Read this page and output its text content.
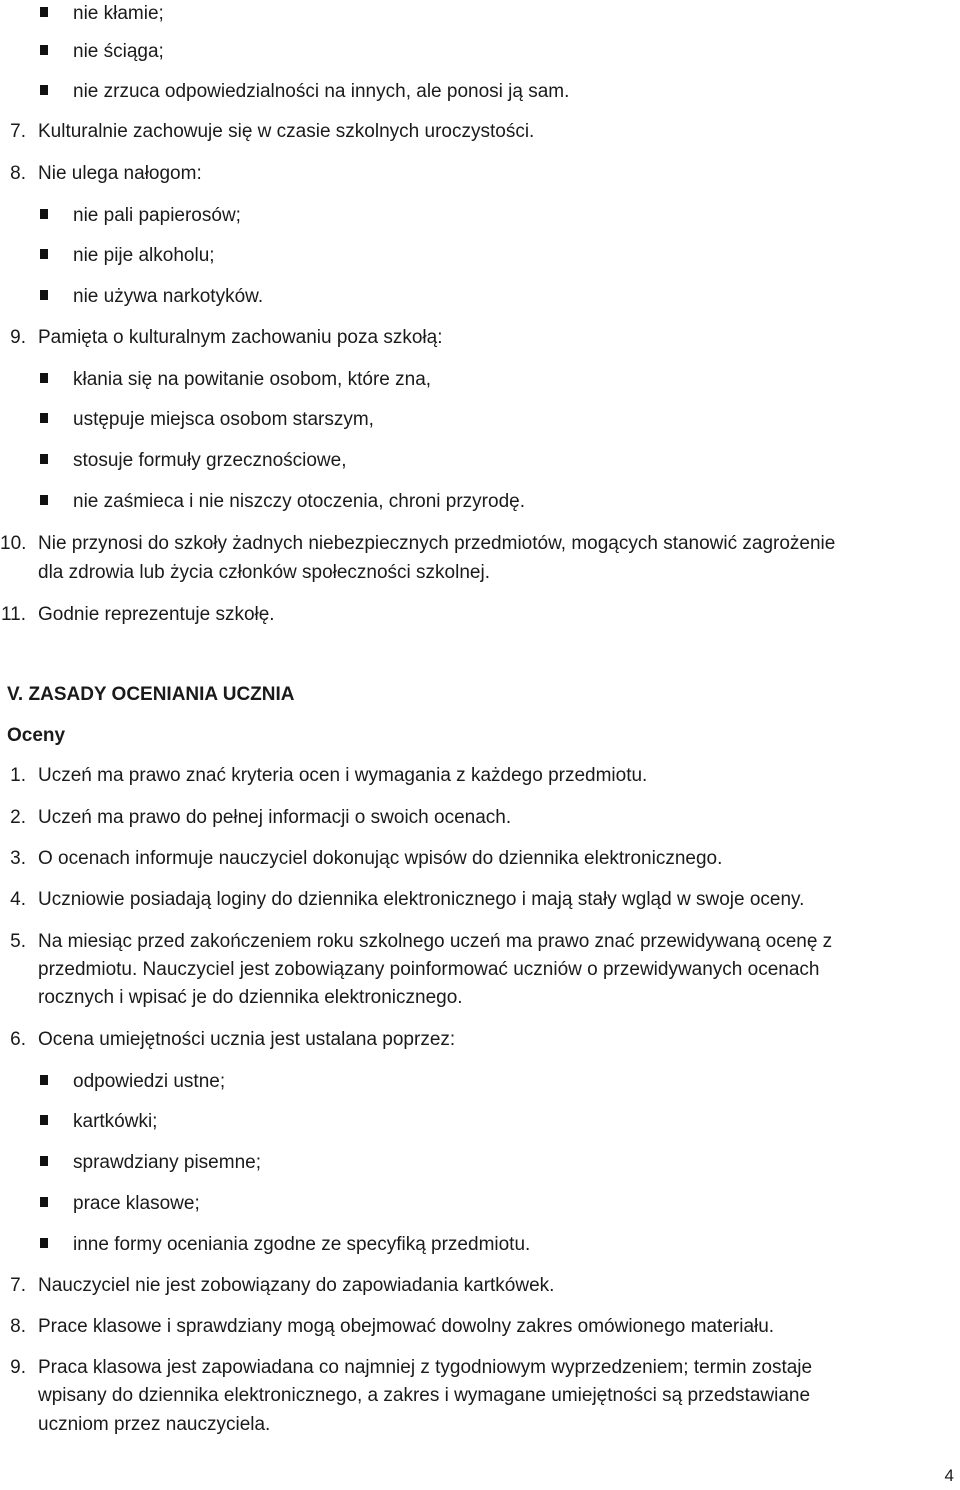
nie kłamie;
nie ściąga;
nie zrzuca odpowiedzialności na innych, ale ponosi ją sam.
7. Kulturalnie zachowuje się w czasie szkolnych uroczystości.
8. Nie ulega nałogom:
nie pali papierosów;
nie pije alkoholu;
nie używa narkotyków.
9. Pamięta o kulturalnym zachowaniu poza szkołą:
kłania się na powitanie osobom, które zna,
ustępuje miejsca osobom starszym,
stosuje formuły grzecznościowe,
nie zaśmieca i nie niszczy otoczenia, chroni przyrodę.
10. Nie przynosi do szkoły żadnych niebezpiecznych przedmiotów, mogących stanowić zagrożenie
dla zdrowia lub życia członków społeczności szkolnej.
11. Godnie reprezentuje szkołę.
V. ZASADY OCENIANIA UCZNIA
Oceny
1. Uczeń ma prawo znać kryteria ocen i wymagania z każdego przedmiotu.
2. Uczeń ma prawo do pełnej informacji o swoich ocenach.
3. O ocenach informuje nauczyciel dokonując wpisów do dziennika elektronicznego.
4. Uczniowie posiadają loginy do dziennika elektronicznego i mają stały wgląd w swoje oceny.
5. Na miesiąc przed zakończeniem roku szkolnego uczeń ma prawo znać przewidywaną ocenę z
przedmiotu. Nauczyciel jest zobowiązany poinformować uczniów o przewidywanych ocenach
rocznych i wpisać je do dziennika elektronicznego.
6. Ocena umiejętności ucznia jest ustalana poprzez:
odpowiedzi ustne;
kartkówki;
sprawdziany pisemne;
prace klasowe;
inne formy oceniania zgodne ze specyfiką przedmiotu.
7. Nauczyciel nie jest zobowiązany do zapowiadania kartkówek.
8. Prace klasowe i sprawdziany mogą obejmować dowolny zakres omówionego materiału.
9. Praca klasowa jest zapowiadana co najmniej z tygodniowym wyprzedzeniem; termin zostaje
wpisany do dziennika elektronicznego, a zakres i wymagane umiejętności są przedstawiane
uczniom przez nauczyciela.
4
